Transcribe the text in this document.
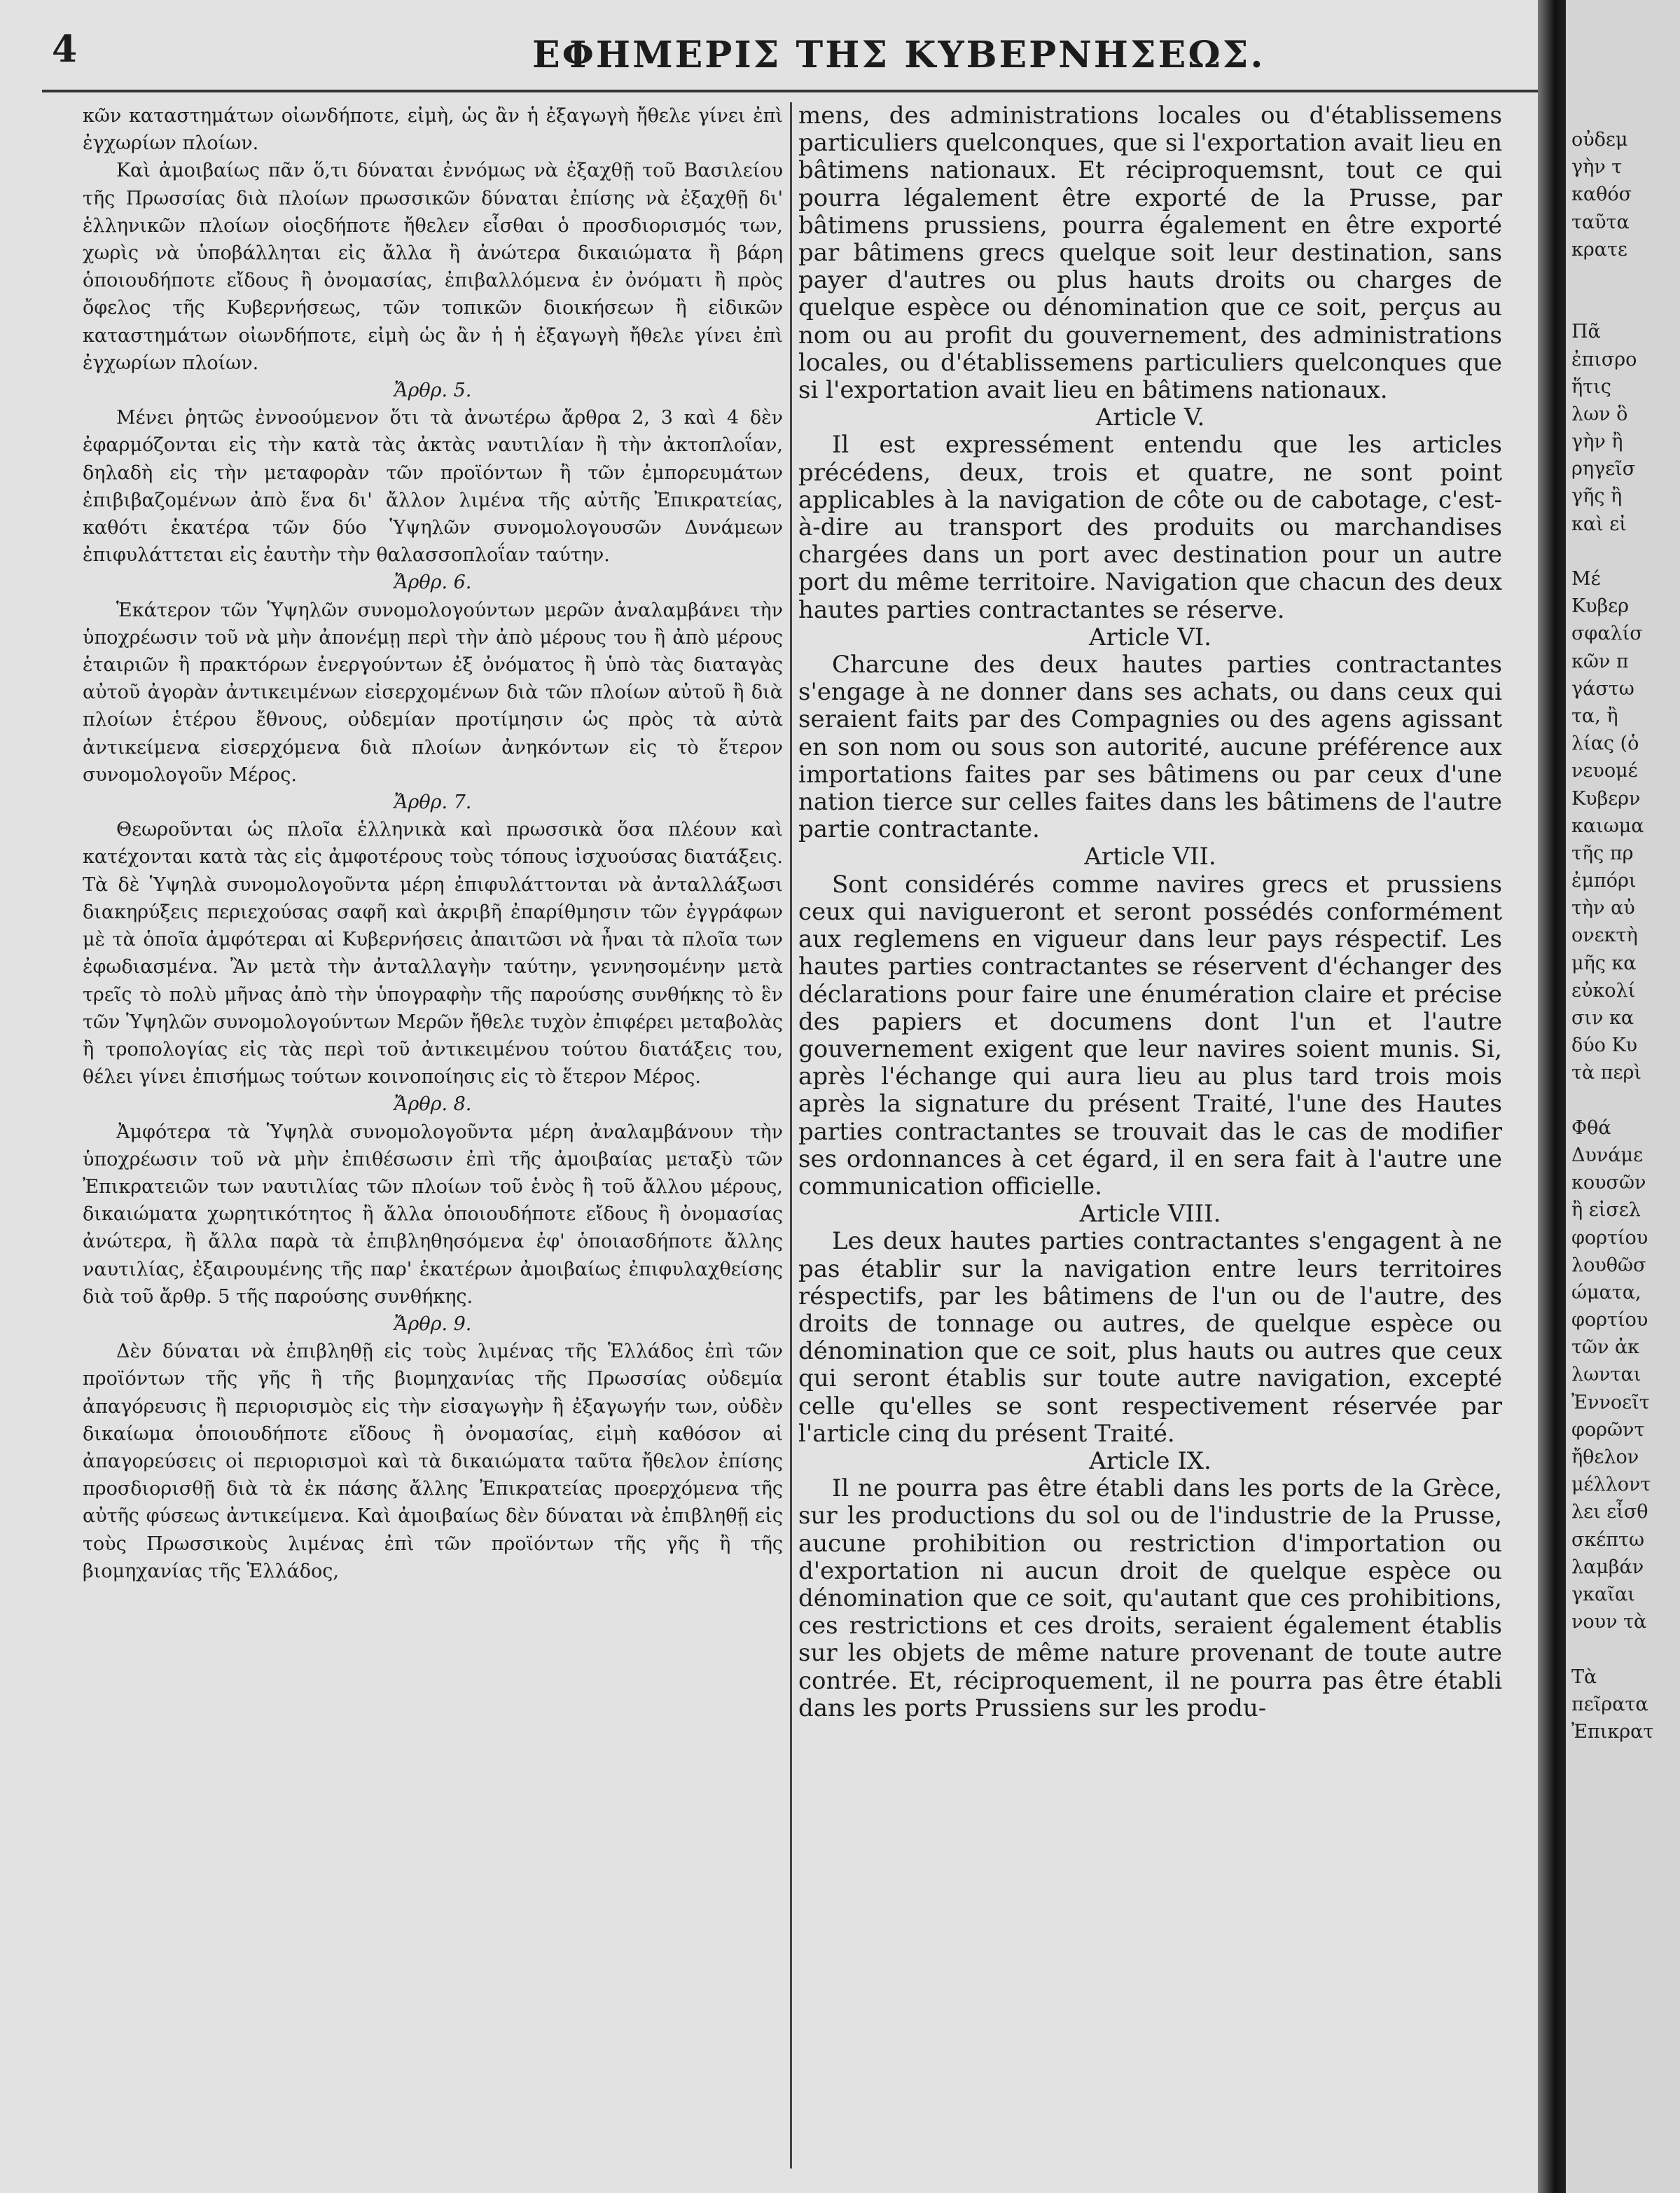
4	ΕΦΗΜΕΡΙΣ ΤΗΣ ΚΥΒΕΡΝΗΣΕΩΣ.

κῶν καταστημάτων οἰωνδήποτε, εἰμὴ, ὡς ἂν ἡ ἐξαγωγὴ ἤθελε γίνει ἐπὶ ἐγχωρίων πλοίων.

Καὶ ἀμοιβαίως πᾶν ὅ,τι δύναται ἐννόμως νὰ ἐξαχθῇ τοῦ Βασιλείου τῆς Πρωσσίας διὰ πλοίων πρωσσικῶν δύναται ἐπίσης νὰ ἐξαχθῇ δι' ἑλληνικῶν πλοίων οἱοςδήποτε ἤθελεν εἶσθαι ὁ προσδιορισμός των, χωρὶς νὰ ὑποβάλληται εἰς ἄλλα ἢ ἀνώτερα δικαιώματα ἢ βάρη ὁποιουδήποτε εἴδους ἢ ὀνομασίας, ἐπιβαλλόμενα ἐν ὀνόματι ἢ πρὸς ὄφελος τῆς Κυβερνήσεως, τῶν τοπικῶν διοικήσεων ἢ εἰδικῶν καταστημάτων οἰωνδήποτε, εἰμὴ ὡς ἂν ἡ ἡ ἐξαγωγὴ ἤθελε γίνει ἐπὶ ἐγχωρίων πλοίων.

Ἄρθρ. 5.

Μένει ῥητῶς ἐννοούμενον ὅτι τὰ ἀνωτέρω ἄρθρα 2, 3 καὶ 4 δὲν ἐφαρμόζονται εἰς τὴν κατὰ τὰς ἀκτὰς ναυτιλίαν ἢ τὴν ἀκτοπλοΐαν, δηλαδὴ εἰς τὴν μεταφορὰν τῶν προϊόντων ἢ τῶν ἐμπορευμάτων ἐπιβιβαζομένων ἀπὸ ἕνα δι' ἄλλον λιμένα τῆς αὐτῆς Ἐπικρατείας, καθότι ἑκατέρα τῶν δύο Ὑψηλῶν συνομολογουσῶν Δυνάμεων ἐπιφυλάττεται εἰς ἑαυτὴν τὴν θαλασσοπλοΐαν ταύτην.

Ἄρθρ. 6.

Ἑκάτερον τῶν Ὑψηλῶν συνομολογούντων μερῶν ἀναλαμβάνει τὴν ὑποχρέωσιν τοῦ νὰ μὴν ἀπονέμῃ περὶ τὴν ἀπὸ μέρους του ἢ ἀπὸ μέρους ἑταιριῶν ἢ πρακτόρων ἐνεργούντων ἐξ ὀνόματος ἢ ὑπὸ τὰς διαταγὰς αὐτοῦ ἀγορὰν ἀντικειμένων εἰσερχομένων διὰ τῶν πλοίων αὐτοῦ ἢ διὰ πλοίων ἑτέρου ἔθνους, οὐδεμίαν προτίμησιν ὡς πρὸς τὰ αὐτὰ ἀντικείμενα εἰσερχόμενα διὰ πλοίων ἀνηκόντων εἰς τὸ ἕτερον συνομολογοῦν Μέρος.

Ἄρθρ. 7.

Θεωροῦνται ὡς πλοῖα ἑλληνικὰ καὶ πρωσσικὰ ὅσα πλέουν καὶ κατέχονται κατὰ τὰς εἰς ἀμφοτέρους τοὺς τόπους ἰσχυούσας διατάξεις. Τὰ δὲ Ὑψηλὰ συνομολογοῦντα μέρη ἐπιφυλάττονται νὰ ἀνταλλάξωσι διακηρύξεις περιεχούσας σαφῆ καὶ ἀκριβῆ ἐπαρίθμησιν τῶν ἐγγράφων μὲ τὰ ὁποῖα ἀμφότεραι αἱ Κυβερνήσεις ἀπαιτῶσι νὰ ἦναι τὰ πλοῖα των ἐφωδιασμένα. Ἂν μετὰ τὴν ἀνταλλαγὴν ταύτην, γεννησομένην μετὰ τρεῖς τὸ πολὺ μῆνας ἀπὸ τὴν ὑπογραφὴν τῆς παρούσης συνθήκης τὸ ἓν τῶν Ὑψηλῶν συνομολογούντων Μερῶν ἤθελε τυχὸν ἐπιφέρει μεταβολὰς ἢ τροπολογίας εἰς τὰς περὶ τοῦ ἀντικειμένου τούτου διατάξεις του, θέλει γίνει ἐπισήμως τούτων κοινοποίησις εἰς τὸ ἕτερον Μέρος.

Ἄρθρ. 8.

Ἀμφότερα τὰ Ὑψηλὰ συνομολογοῦντα μέρη ἀναλαμβάνουν τὴν ὑποχρέωσιν τοῦ νὰ μὴν ἐπιθέσωσιν ἐπὶ τῆς ἀμοιβαίας μεταξὺ τῶν Ἐπικρατειῶν των ναυτιλίας τῶν πλοίων τοῦ ἑνὸς ἢ τοῦ ἄλλου μέρους, δικαιώματα χωρητικότητος ἢ ἄλλα ὁποιουδήποτε εἴδους ἢ ὀνομασίας ἀνώτερα, ἢ ἄλλα παρὰ τὰ ἐπιβληθησόμενα ἐφ' ὁποιασδήποτε ἄλλης ναυτιλίας, ἐξαιρουμένης τῆς παρ' ἑκατέρων ἀμοιβαίως ἐπιφυλαχθείσης διὰ τοῦ ἄρθρ. 5 τῆς παρούσης συνθήκης.

Ἄρθρ. 9.

Δὲν δύναται νὰ ἐπιβληθῇ εἰς τοὺς λιμένας τῆς Ἑλλάδος ἐπὶ τῶν προϊόντων τῆς γῆς ἢ τῆς βιομηχανίας τῆς Πρωσσίας οὐδεμία ἀπαγόρευσις ἢ περιορισμὸς εἰς τὴν εἰσαγωγὴν ἢ ἐξαγωγήν των, οὐδὲν δικαίωμα ὁποιουδήποτε εἴδους ἢ ὀνομασίας, εἰμὴ καθόσον αἱ ἀπαγορεύσεις οἱ περιορισμοὶ καὶ τὰ δικαιώματα ταῦτα ἤθελον ἐπίσης προσδιορισθῇ διὰ τὰ ἐκ πάσης ἄλλης Ἐπικρατείας προερχόμενα τῆς αὐτῆς φύσεως ἀντικείμενα. Καὶ ἀμοιβαίως δὲν δύναται νὰ ἐπιβληθῇ εἰς τοὺς Πρωσσικοὺς λιμένας ἐπὶ τῶν προϊόντων τῆς γῆς ἢ τῆς βιομηχανίας τῆς Ἑλλάδος,

mens, des administrations locales ou d'établissemens particuliers quelconques, que si l'exportation avait lieu en bâtimens nationaux. Et réciproquemsnt, tout ce qui pourra légalement être exporté de la Prusse, par bâtimens prussiens, pourra également en être exporté par bâtimens grecs quelque soit leur destination, sans payer d'autres ou plus hauts droits ou charges de quelque espèce ou dénomination que ce soit, perçus au nom ou au profit du gouvernement, des administrations locales, ou d'établissemens particuliers quelconques que si l'exportation avait lieu en bâtimens nationaux.

Article V.

Il est expressément entendu que les articles précédens, deux, trois et quatre, ne sont point applicables à la navigation de côte ou de cabotage, c'est-à-dire au transport des produits ou marchandises chargées dans un port avec destination pour un autre port du même territoire. Navigation que chacun des deux hautes parties contractantes se réserve.

Article VI.

Charcune des deux hautes parties contractantes s'engage à ne donner dans ses achats, ou dans ceux qui seraient faits par des Compagnies ou des agens agissant en son nom ou sous son autorité, aucune préférence aux importations faites par ses bâtimens ou par ceux d'une nation tierce sur celles faites dans les bâtimens de l'autre partie contractante.

Article VII.

Sont considérés comme navires grecs et prussiens ceux qui navigueront et seront possédés conformément aux reglemens en vigueur dans leur pays réspectif. Les hautes parties contractantes se réservent d'échanger des déclarations pour faire une énumération claire et précise des papiers et documens dont l'un et l'autre gouvernement exigent que leur navires soient munis. Si, après l'échange qui aura lieu au plus tard trois mois après la signature du présent Traité, l'une des Hautes parties contractantes se trouvait das le cas de modifier ses ordonnances à cet égard, il en sera fait à l'autre une communication officielle.

Article VIII.

Les deux hautes parties contractantes s'engagent à ne pas établir sur la navigation entre leurs territoires réspectifs, par les bâtimens de l'un ou de l'autre, des droits de tonnage ou autres, de quelque espèce ou dénomination que ce soit, plus hauts ou autres que ceux qui seront établis sur toute autre navigation, excepté celle qu'elles se sont respectivement réservée par l'article cinq du présent Traité.

Article IX.

Il ne pourra pas être établi dans les ports de la Grèce, sur les productions du sol ou de l'industrie de la Prusse, aucune prohibition ou restriction d'importation ou d'exportation ni aucun droit de quelque espèce ou dénomination que ce soit, qu'autant que ces prohibitions, ces restrictions et ces droits, seraient également établis sur les objets de même nature provenant de toute autre contrée. Et, réciproquement, il ne pourra pas être établi dans les ports Prussiens sur les produ-

οὐδεμ
γὴν τ
καθόσ
ταῦτα
κρατε
Πᾶ
ἐπισρο
ἥτις
λων ὃ
γὴν ἢ
ρηγεῖσ
γῆς ἢ
καὶ εἰ
Μέ
Κυβερ
σφαλίσ
κῶν π
γάστω
τα, ἢ
λίας (ὁ
νευομέ
Κυβερν
καιωμα
τῆς πρ
ἐμπόρι
τὴν αὐ
ονεκτὴ
μῆς κα
εὐκολί
σιν κα
δύο Κυ
τὰ περὶ
Φθά
Δυνάμε
κουσῶν
ἢ εἰσελ
φορτίου
λουθῶσ
ώματα,
φορτίου
τῶν ἀκ
λωνται
Ἐννοεῖτ
φορῶντ
ἤθελον
μέλλοντ
λει εἶσθ
σκέπτω
λαμβάν
γκαῖαι
νουν τὰ
Τὰ
πεῖρατα
Ἐπικρατ
